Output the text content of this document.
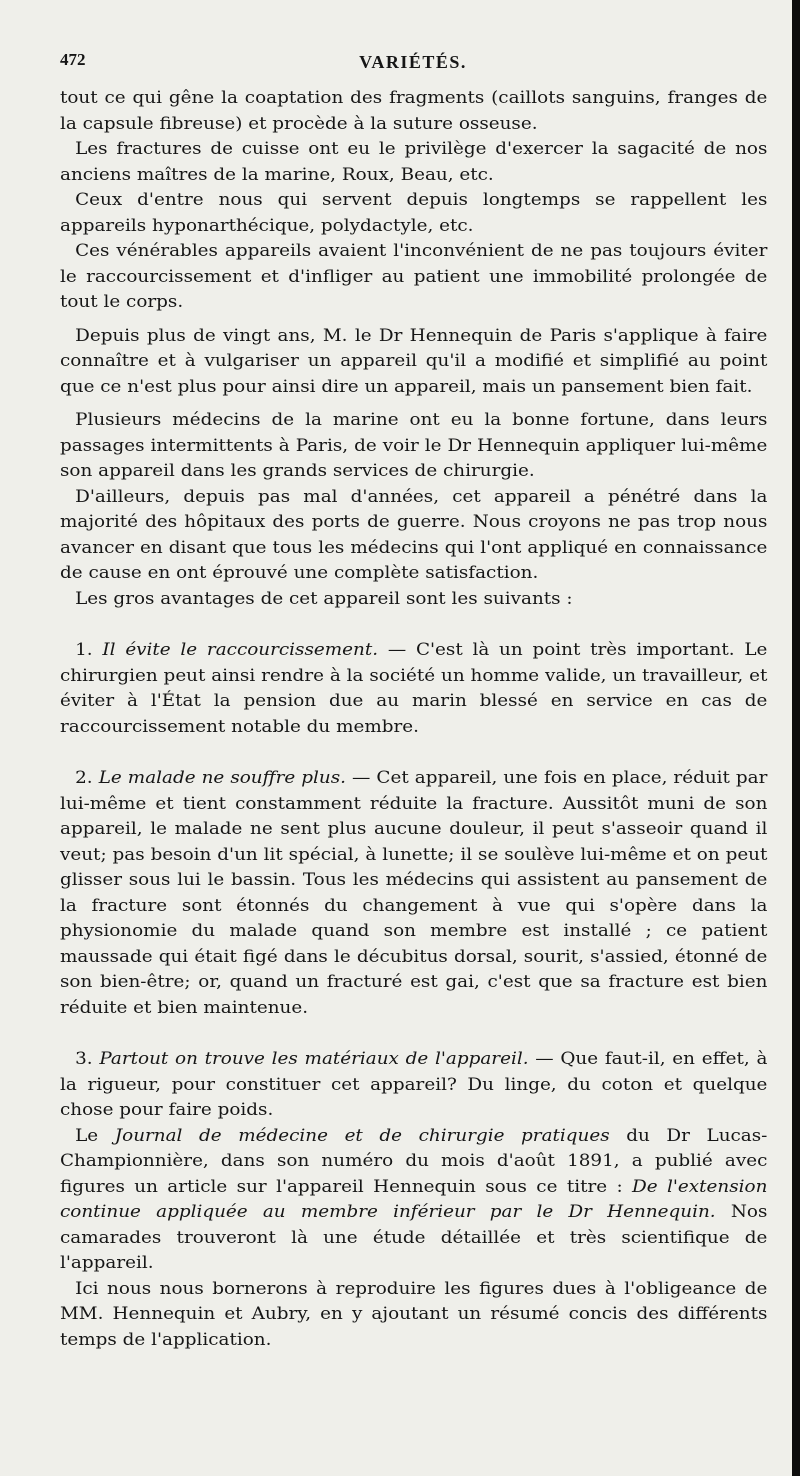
472	VARIÉTÉS.

tout ce qui gêne la coaptation des fragments (caillots sanguins, franges de la capsule fibreuse) et procède à la suture osseuse.

Les fractures de cuisse ont eu le privilège d'exercer la sagacité de nos anciens maîtres de la marine, Roux, Beau, etc.

Ceux d'entre nous qui servent depuis longtemps se rappellent les appareils hyponarthécique, polydactyle, etc.

Ces vénérables appareils avaient l'inconvénient de ne pas toujours éviter le raccourcissement et d'infliger au patient une immobilité prolongée de tout le corps.

Depuis plus de vingt ans, M. le Dr Hennequin de Paris s'applique à faire connaître et à vulgariser un appareil qu'il a modifié et simplifié au point que ce n'est plus pour ainsi dire un appareil, mais un pansement bien fait.

Plusieurs médecins de la marine ont eu la bonne fortune, dans leurs passages intermittents à Paris, de voir le Dr Hennequin appliquer lui-même son appareil dans les grands services de chirurgie.

D'ailleurs, depuis pas mal d'années, cet appareil a pénétré dans la majorité des hôpitaux des ports de guerre. Nous croyons ne pas trop nous avancer en disant que tous les médecins qui l'ont appliqué en connaissance de cause en ont éprouvé une complète satisfaction.

Les gros avantages de cet appareil sont les suivants :

1. Il évite le raccourcissement. — C'est là un point très important. Le chirurgien peut ainsi rendre à la société un homme valide, un travailleur, et éviter à l'État la pension due au marin blessé en service en cas de raccourcissement notable du membre.

2. Le malade ne souffre plus. — Cet appareil, une fois en place, réduit par lui-même et tient constamment réduite la fracture. Aussitôt muni de son appareil, le malade ne sent plus aucune douleur, il peut s'asseoir quand il veut; pas besoin d'un lit spécial, à lunette; il se soulève lui-même et on peut glisser sous lui le bassin. Tous les médecins qui assistent au pansement de la fracture sont étonnés du changement à vue qui s'opère dans la physionomie du malade quand son membre est installé ; ce patient maussade qui était figé dans le décubitus dorsal, sourit, s'assied, étonné de son bien-être; or, quand un fracturé est gai, c'est que sa fracture est bien réduite et bien maintenue.

3. Partout on trouve les matériaux de l'appareil. — Que faut-il, en effet, à la rigueur, pour constituer cet appareil? Du linge, du coton et quelque chose pour faire poids.

Le Journal de médecine et de chirurgie pratiques du Dr Lucas-Championnière, dans son numéro du mois d'août 1891, a publié avec figures un article sur l'appareil Hennequin sous ce titre : De l'extension continue appliquée au membre inférieur par le Dr Hennequin. Nos camarades trouveront là une étude détaillée et très scientifique de l'appareil.

Ici nous nous bornerons à reproduire les figures dues à l'obligeance de MM. Hennequin et Aubry, en y ajoutant un résumé concis des différents temps de l'application.
